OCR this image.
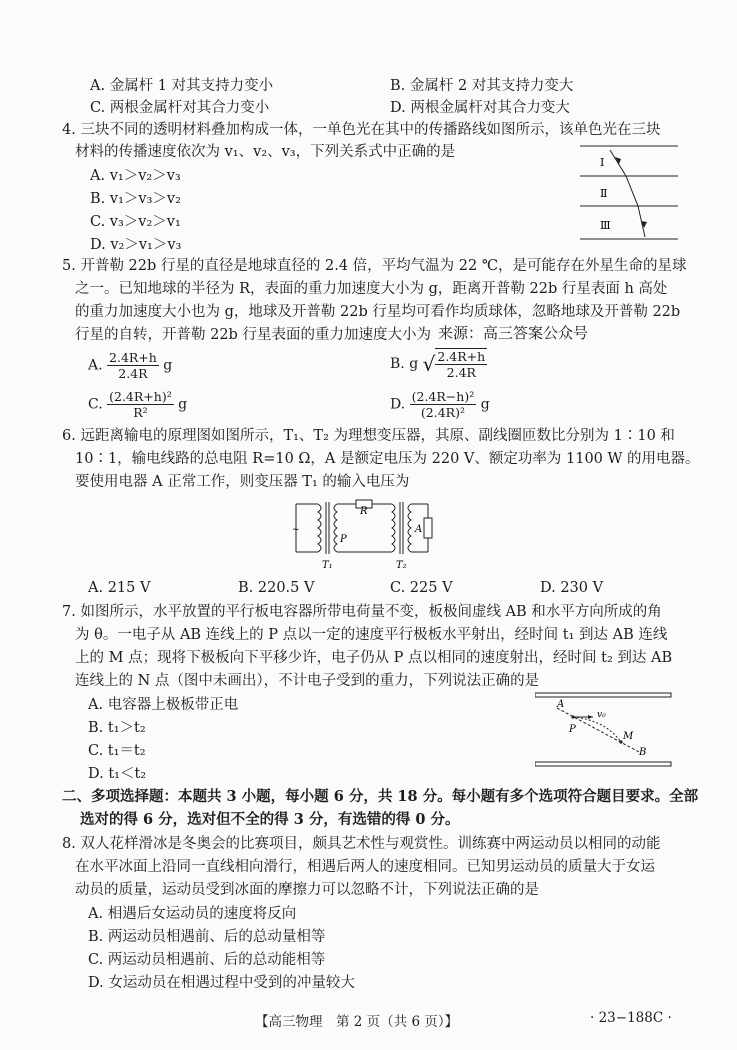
A. 金属杆 1 对其支持力变小	B. 金属杆 2 对其支持力变大
C. 两根金属杆对其合力变小	D. 两根金属杆对其合力变大
4. 三块不同的透明材料叠加构成一体，一单色光在其中的传播路线如图所示，该单色光在三块
材料的传播速度依次为 v₁、v₂、v₃，下列关系式中正确的是
A. v₁＞v₂＞v₃
B. v₁＞v₃＞v₂
C. v₃＞v₂＞v₁
D. v₂＞v₁＞v₃
Ⅰ
Ⅱ
Ⅲ
5. 开普勒 22b 行星的直径是地球直径的 2.4 倍，平均气温为 22 ℃，是可能存在外星生命的星球
之一。已知地球的半径为 R，表面的重力加速度大小为 g，距离开普勒 22b 行星表面 h 高处
的重力加速度大小也为 g，地球及开普勒 22b 行星均可看作均质球体，忽略地球及开普勒 22b
行星的自转，开普勒 22b 行星表面的重力加速度大小为 来源：高三答案公众号
A. $\frac{2.4R+h}{2.4R}$ g	B. g √ $\frac{2.4R+h}{2.4R}$
C. $\frac{\text{(2.4R+h)²}}{\text{R²}}$ g	D. $\frac{\text{(2.4R−h)²}}{\text{(2.4R)²}}$ g
6. 远距离输电的原理图如图所示，T₁、T₂ 为理想变压器，其原、副线圈匝数比分别为 1∶10 和
10∶1，输电线路的总电阻 R=10 Ω，A 是额定电压为 220 V、额定功率为 1100 W 的用电器。
要使用电器 A 正常工作，则变压器 T₁ 的输入电压为
~
R
P
A
T₁	T₂
A. 215 V	B. 220.5 V	C. 225 V	D. 230 V
7. 如图所示，水平放置的平行板电容器所带电荷量不变，板极间虚线 AB 和水平方向所成的角
为 θ。一电子从 AB 连线上的 P 点以一定的速度平行极板水平射出，经时间 t₁ 到达 AB 连线
上的 M 点；现将下极板向下平移少许，电子仍从 P 点以相同的速度射出，经时间 t₂ 到达 AB
连线上的 N 点（图中未画出），不计电子受到的重力，下列说法正确的是
A. 电容器上极板带正电
B. t₁＞t₂
C. t₁＝t₂
D. t₁＜t₂
A
P
v₀
M
B
二、多项选择题：本题共 3 小题，每小题 6 分，共 18 分。每小题有多个选项符合题目要求。全部
选对的得 6 分，选对但不全的得 3 分，有选错的得 0 分。
8. 双人花样滑冰是冬奥会的比赛项目，颇具艺术性与观赏性。训练赛中两运动员以相同的动能
在水平冰面上沿同一直线相向滑行，相遇后两人的速度相同。已知男运动员的质量大于女运
动员的质量，运动员受到冰面的摩擦力可以忽略不计，下列说法正确的是
A. 相遇后女运动员的速度将反向
B. 两运动员相遇前、后的总动量相等
C. 两运动员相遇前、后的总动能相等
D. 女运动员在相遇过程中受到的冲量较大
【高三物理　第 2 页（共 6 页）】	· 23−188C ·
